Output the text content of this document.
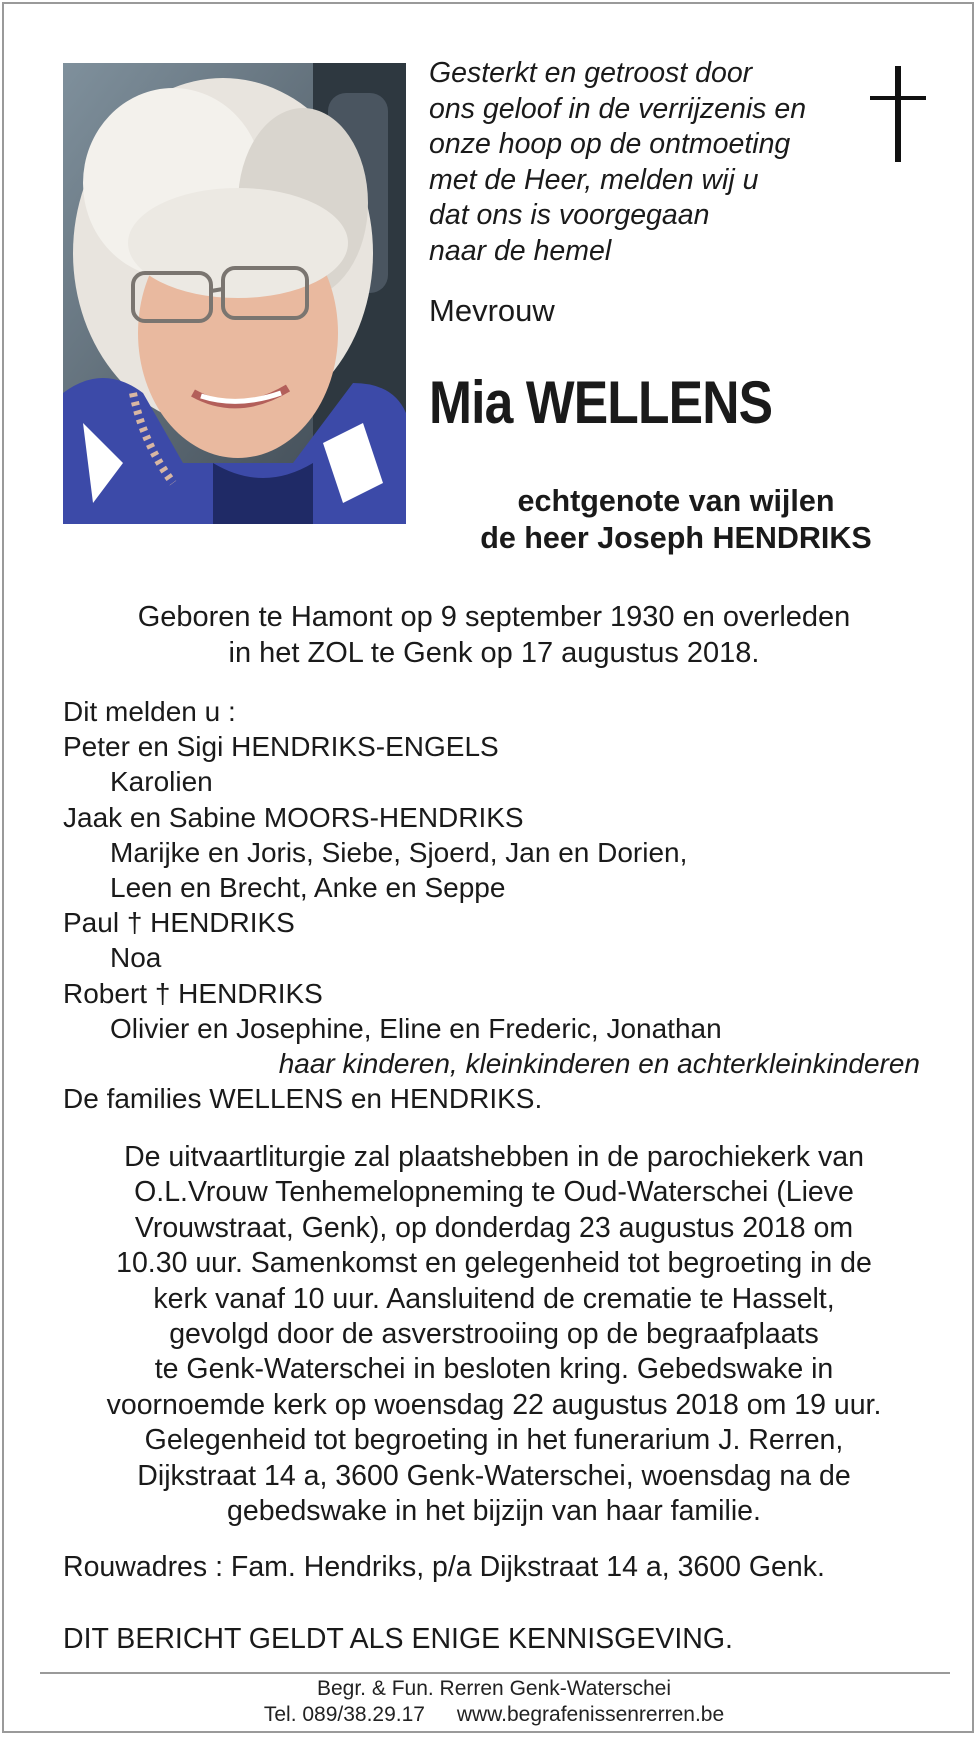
Gesterkt en getroost door
ons geloof in de verrijzenis en
onze hoop op de ontmoeting
met de Heer, melden wij u
dat ons is voorgegaan
naar de hemel
Mevrouw
Mia WELLENS
echtgenote van wijlen
de heer Joseph HENDRIKS
Geboren te Hamont op 9 september 1930 en overleden
in het ZOL te Genk op 17 augustus 2018.
Dit melden u :
Peter en Sigi HENDRIKS-ENGELS
Karolien
Jaak en Sabine MOORS-HENDRIKS
Marijke en Joris, Siebe, Sjoerd, Jan en Dorien,
Leen en Brecht, Anke en Seppe
Paul † HENDRIKS
Noa
Robert † HENDRIKS
Olivier en Josephine, Eline en Frederic, Jonathan
haar kinderen, kleinkinderen en achterkleinkinderen
De families WELLENS en HENDRIKS.
De uitvaartliturgie zal plaatshebben in de parochiekerk van
O.L.Vrouw Tenhemelopneming te Oud-Waterschei (Lieve
Vrouwstraat, Genk), op donderdag 23 augustus 2018 om
10.30 uur. Samenkomst en gelegenheid tot begroeting in de
kerk vanaf 10 uur. Aansluitend de crematie te Hasselt,
gevolgd door de asverstrooiing op de begraafplaats
te Genk-Waterschei in besloten kring. Gebedswake in
voornoemde kerk op woensdag 22 augustus 2018 om 19 uur.
Gelegenheid tot begroeting in het funerarium J. Rerren,
Dijkstraat 14 a, 3600 Genk-Waterschei, woensdag na de
gebedswake in het bijzijn van haar familie.
Rouwadres : Fam. Hendriks, p/a Dijkstraat 14 a, 3600 Genk.
DIT BERICHT GELDT ALS ENIGE KENNISGEVING.
Begr. & Fun. Rerren Genk-Waterschei
Tel. 089/38.29.17 www.begrafenissenrerren.be
